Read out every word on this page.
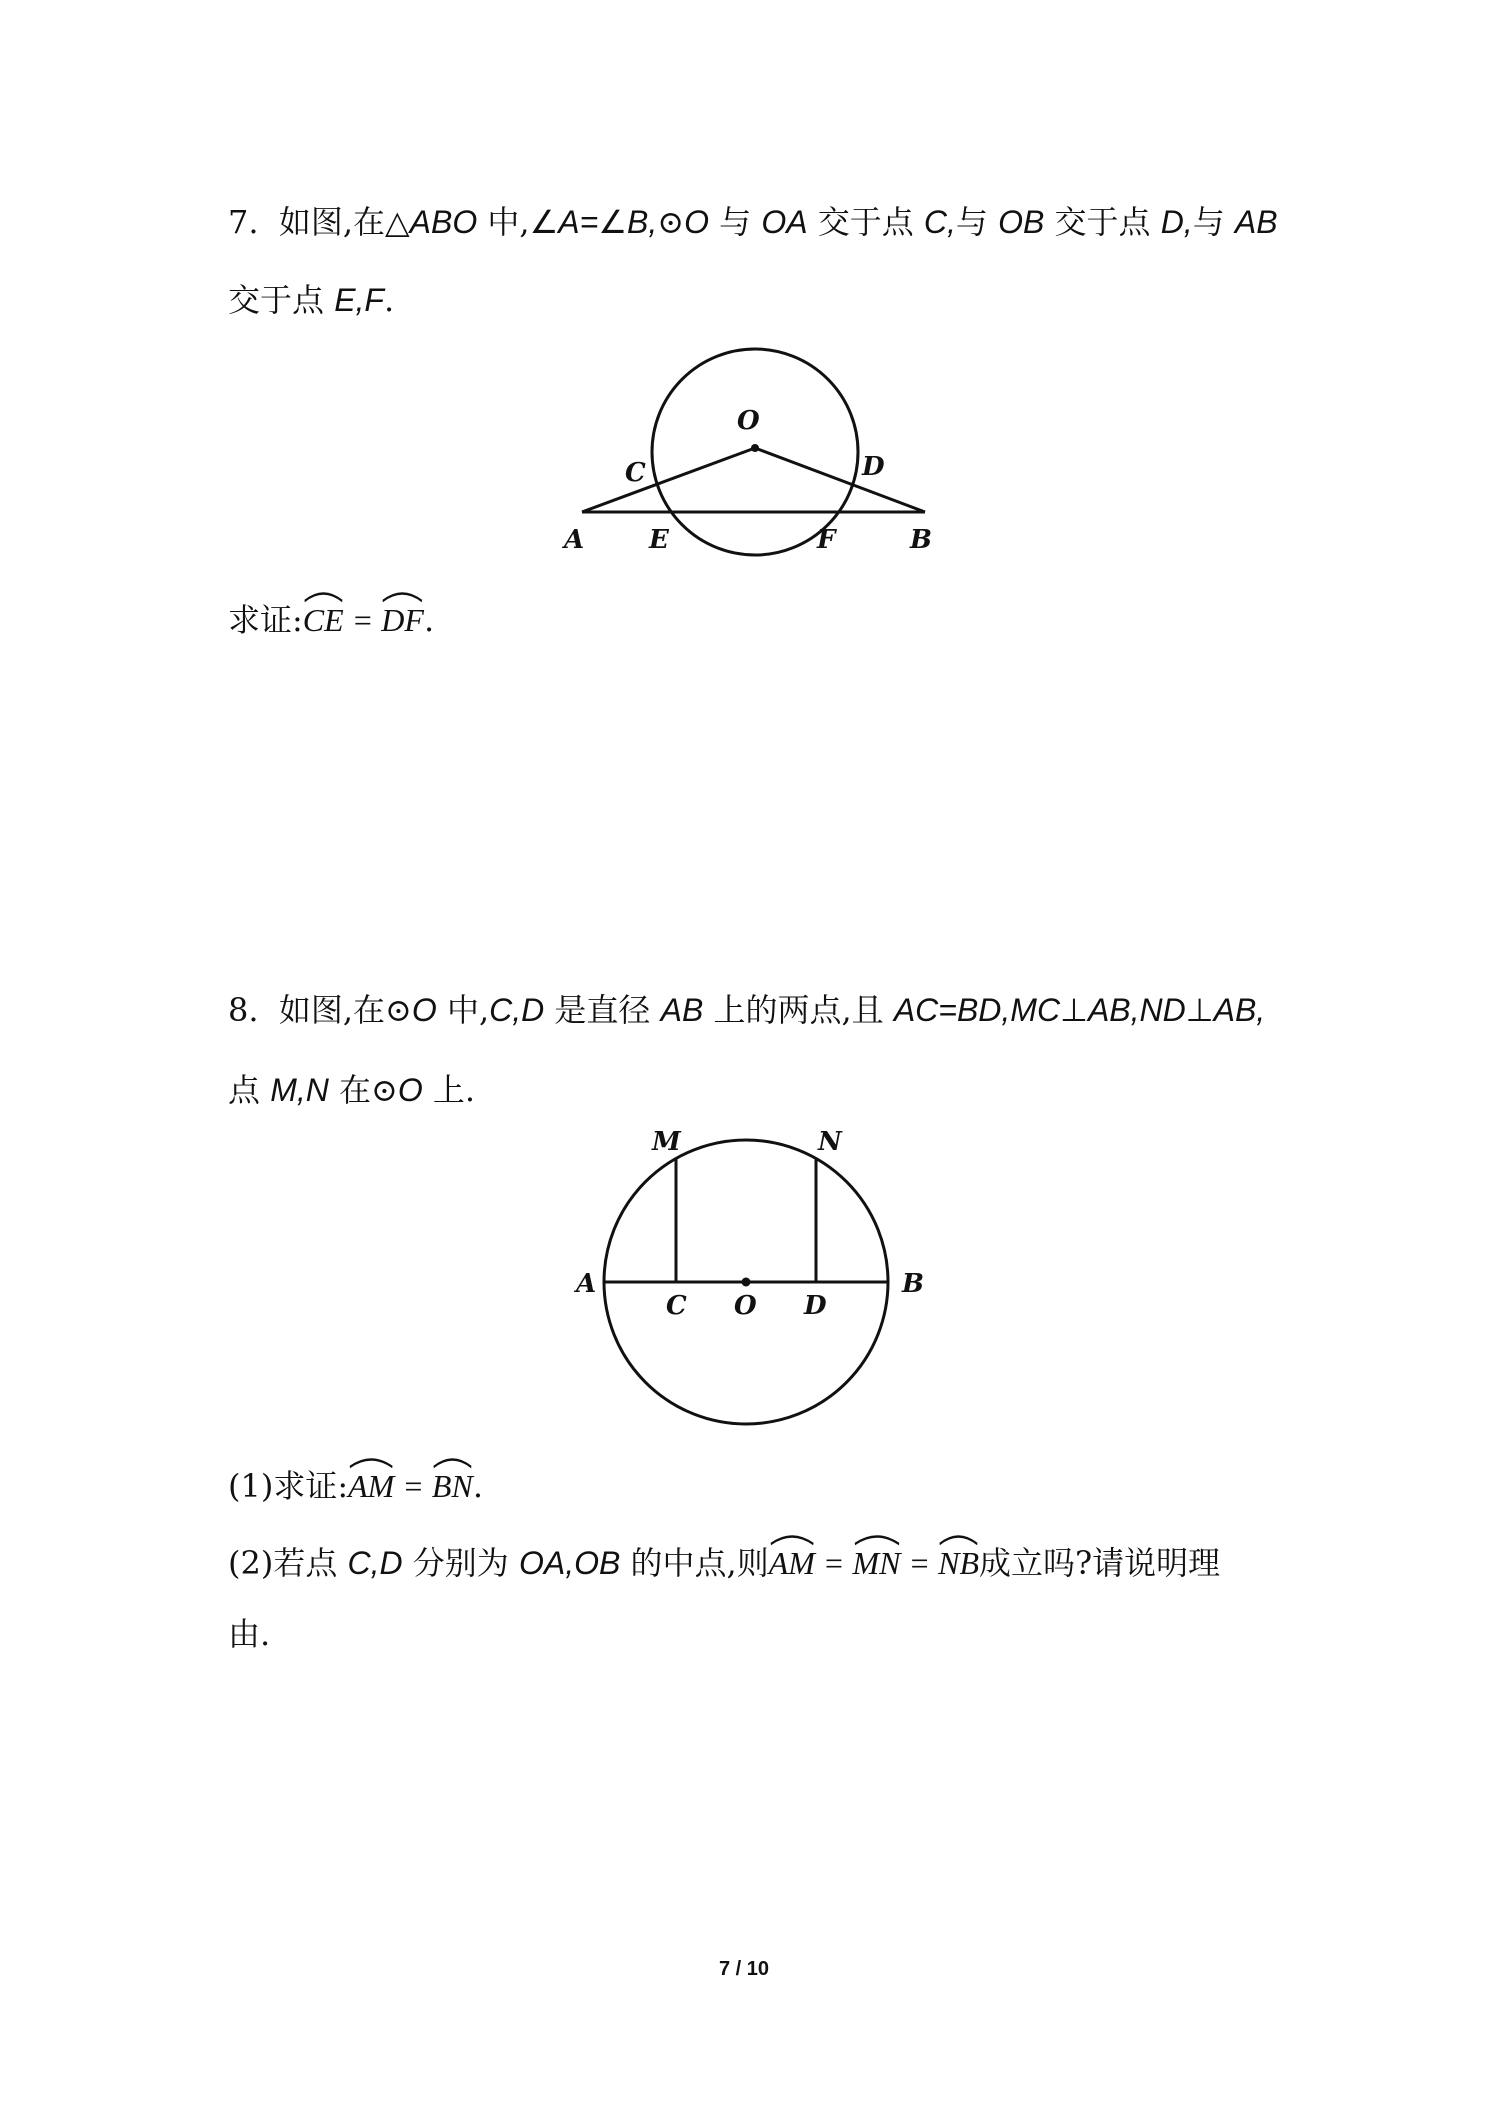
7. 如图,在△ABO 中,∠A=∠B,⊙O 与 OA 交于点 C,与 OB 交于点 D,与 AB
交于点 E,F.
O
C	D
A E	F	B
求证:
CE =
DF.
8. 如图,在⊙O 中,C,D 是直径 AB 上的两点,且 AC=BD,MC⊥AB,ND⊥AB,
点 M,N 在⊙O 上.
M	N
A	B
C O D
(1)求证:
AM =
BN.
(2)若点 C,D 分别为 OA,OB 的中点,则
AM =
MN =
NB成立吗?请说明理
由.
7 / 10
